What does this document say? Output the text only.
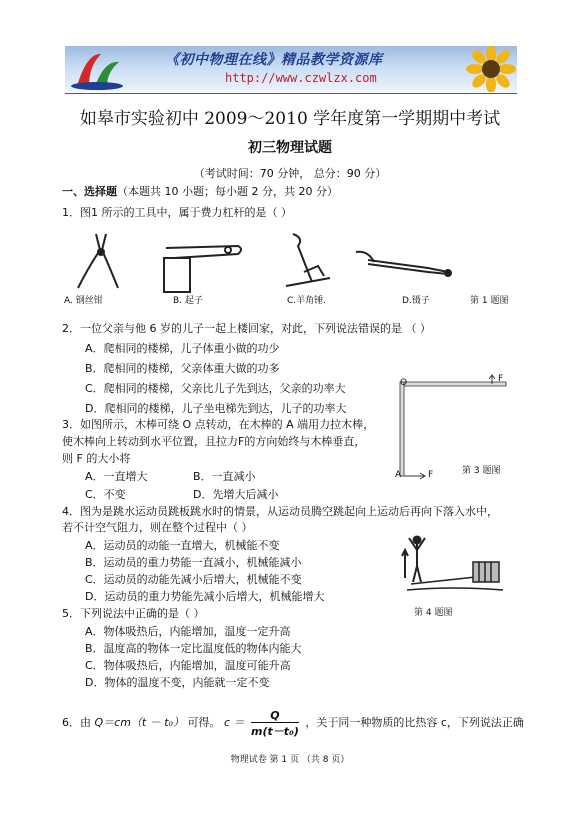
《初中物理在线》精品教学资源库
http://www.czwlzx.com
如皋市实验初中 2009～2010 学年度第一学期期中考试
初三物理试题
（考试时间：70 分钟， 总分：90 分）
一、选择题（本题共 10 小题；每小题 2 分，共 20 分）
1．图1 所示的工具中，属于费力杠杆的是（ ）
A. 钢丝钳	B. 起子	C.羊角锤.	D.镊子	第 1 题图
2．一位父亲与他 6 岁的儿子一起上楼回家，对此，下列说法错误的是 （ ）
A．爬相同的楼梯，儿子体重小做的功少
B．爬相同的楼梯，父亲体重大做的功多
C．爬相同的楼梯，父亲比儿子先到达，父亲的功率大
D．爬相同的楼梯，儿子坐电梯先到达，儿子的功率大
O	F
A	F	第 3 题图
3．如图所示，木棒可绕 O 点转动，在木棒的 A 端用力拉木棒，
使木棒向上转动到水平位置，且拉力F的方向始终与木棒垂直，
则 F 的大小将
A．一直增大	B．一直减小
C．不变	D．先增大后减小
4．图为是跳水运动员跳板跳水时的情景，从运动员腾空跳起向上运动后再向下落入水中，
若不计空气阻力，则在整个过程中（ ）
A．运动员的动能一直增大，机械能不变
B．运动员的重力势能一直减小，机械能减小
C．运动员的动能先减小后增大，机械能不变
D．运动员的重力势能先减小后增大，机械能增大
第 4 题图
5．下列说法中正确的是（ ）
A．物体吸热后，内能增加，温度一定升高
B．温度高的物体一定比温度低的物体内能大
C．物体吸热后，内能增加，温度可能升高
D．物体的温度不变，内能就一定不变
6．由 Q＝cm（t － t₀） 可得。 $c = \frac{Q}{\text{m(t－t₀)}}$ ，关于同一种物质的比热容 c，下列说法正确
物理试卷 第 1 页 （共 8 页）
